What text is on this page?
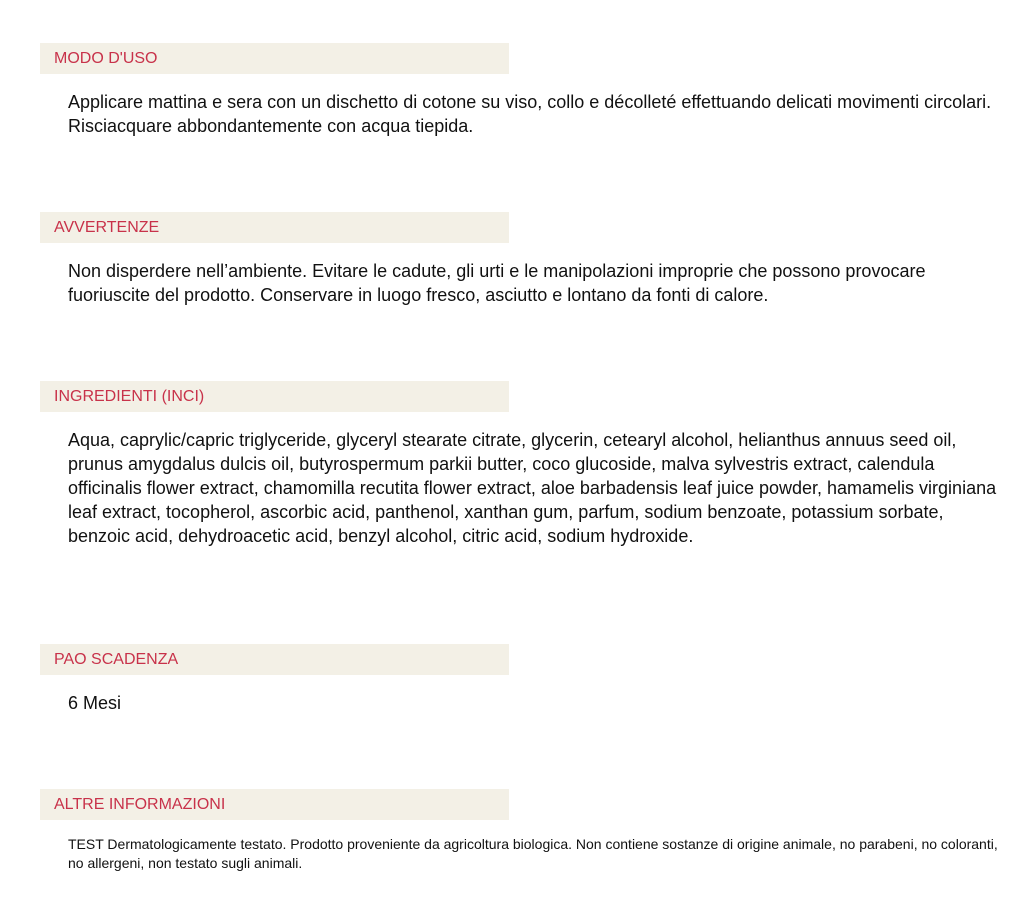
MODO D'USO
Applicare mattina e sera con un dischetto di cotone su viso, collo e décolleté effettuando delicati movimenti circolari. Risciacquare abbondantemente con acqua tiepida.
AVVERTENZE
Non disperdere nell’ambiente. Evitare le cadute, gli urti e le manipolazioni improprie che possono provocare fuoriuscite del prodotto. Conservare in luogo fresco, asciutto e lontano da fonti di calore.
INGREDIENTI (INCI)
Aqua, caprylic/capric triglyceride, glyceryl stearate citrate, glycerin, cetearyl alcohol, helianthus annuus seed oil, prunus amygdalus dulcis oil, butyrospermum parkii butter, coco glucoside, malva sylvestris extract, calendula officinalis flower extract, chamomilla recutita flower extract, aloe barbadensis leaf juice powder, hamamelis virginiana leaf extract, tocopherol, ascorbic acid, panthenol, xanthan gum, parfum, sodium benzoate, potassium sorbate, benzoic acid, dehydroacetic acid, benzyl alcohol, citric acid, sodium hydroxide.
PAO SCADENZA
6 Mesi
ALTRE INFORMAZIONI
TEST Dermatologicamente testato. Prodotto proveniente da agricoltura biologica. Non contiene sostanze di origine animale, no parabeni, no coloranti, no allergeni, non testato sugli animali.
